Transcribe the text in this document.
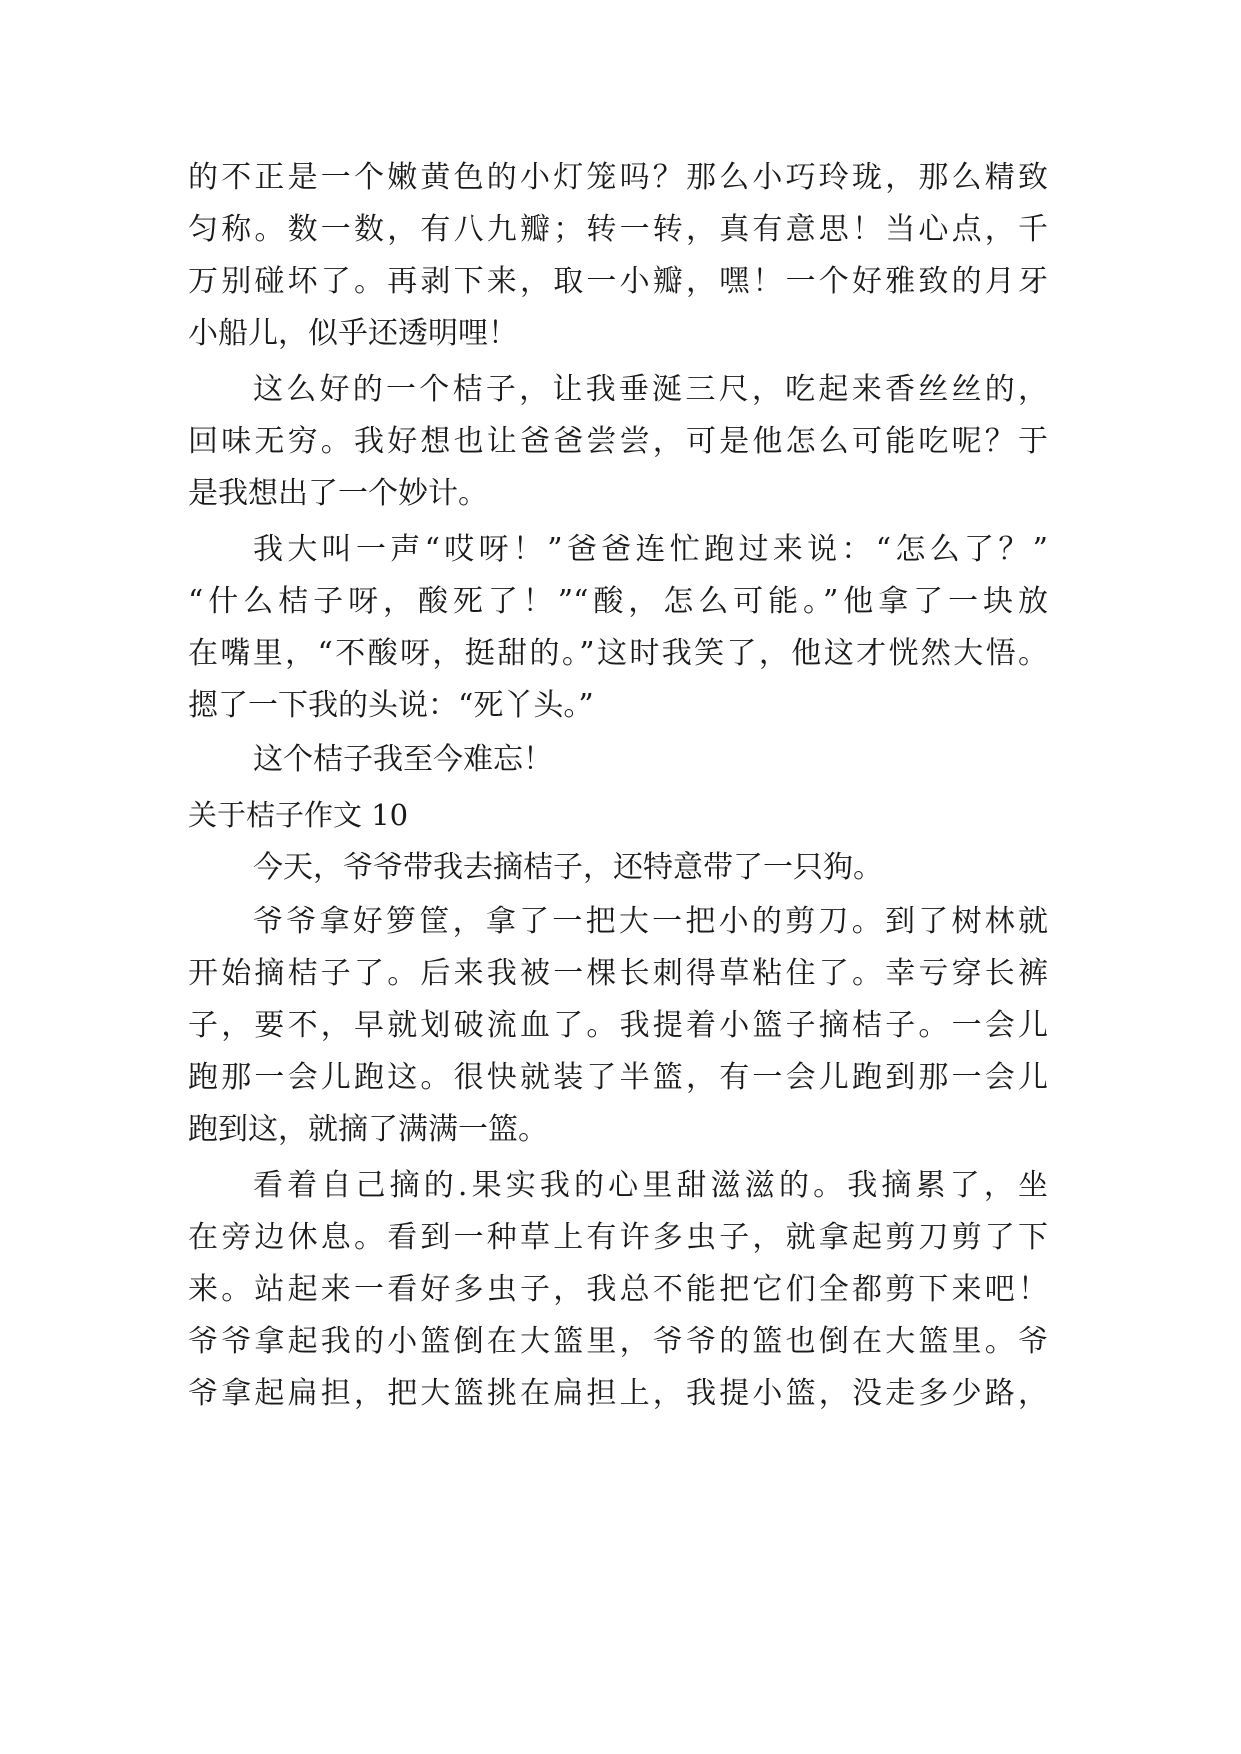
的不正是一个嫩黄色的小灯笼吗？那么小巧玲珑，那么精致
匀称。数一数，有八九瓣；转一转，真有意思！当心点，千
万别碰坏了。再剥下来，取一小瓣，嘿！一个好雅致的月牙
小船儿，似乎还透明哩！
这么好的一个桔子，让我垂涎三尺，吃起来香丝丝的，
回味无穷。我好想也让爸爸尝尝，可是他怎么可能吃呢？于
是我想出了一个妙计。
我大叫一声“哎呀！”爸爸连忙跑过来说：“怎么了？”
“什么桔子呀，酸死了！”“酸，怎么可能。”他拿了一块放
在嘴里，“不酸呀，挺甜的。”这时我笑了，他这才恍然大悟。
摁了一下我的头说：“死丫头。”
这个桔子我至今难忘！
关于桔子作文 10
今天，爷爷带我去摘桔子，还特意带了一只狗。
爷爷拿好箩筐，拿了一把大一把小的剪刀。到了树林就
开始摘桔子了。后来我被一棵长刺得草粘住了。幸亏穿长裤
子，要不，早就划破流血了。我提着小篮子摘桔子。一会儿
跑那一会儿跑这。很快就装了半篮，有一会儿跑到那一会儿
跑到这，就摘了满满一篮。
看着自己摘的.果实我的心里甜滋滋的。我摘累了，坐
在旁边休息。看到一种草上有许多虫子，就拿起剪刀剪了下
来。站起来一看好多虫子，我总不能把它们全都剪下来吧！
爷爷拿起我的小篮倒在大篮里，爷爷的篮也倒在大篮里。爷
爷拿起扁担，把大篮挑在扁担上，我提小篮，没走多少路，
